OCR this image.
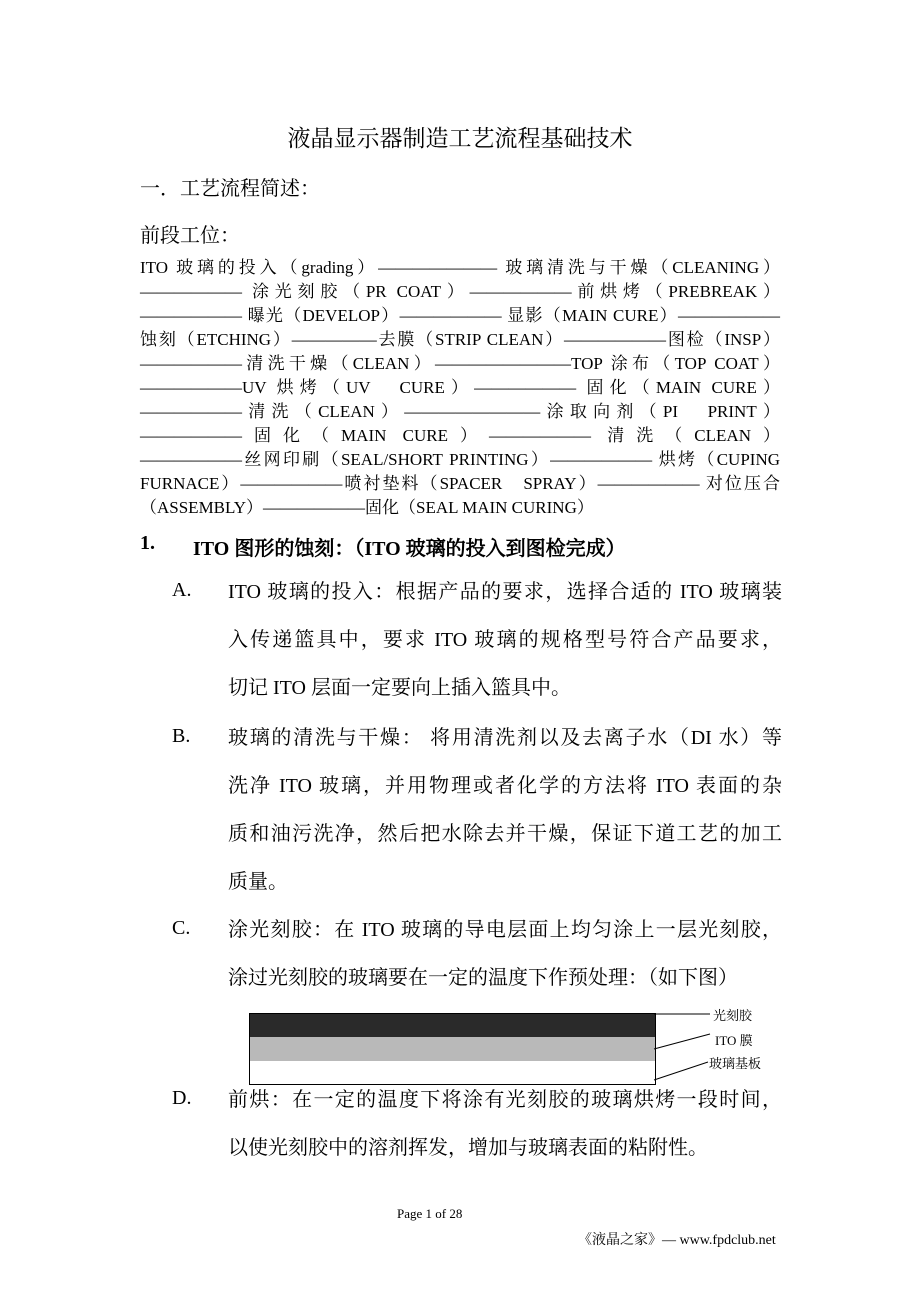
液晶显示器制造工艺流程基础技术
一．工艺流程简述：
前段工位：
ITO 玻璃的投入（grading）——————— 玻璃清洗与干燥（CLEANING）
—————— 涂光刻胶（PR COAT）——————前烘烤（PREBREAK）
—————— 曝光（DEVELOP）—————— 显影（MAIN CURE）——————
蚀刻（ETCHING）—————去膜（STRIP CLEAN）——————图检（INSP）
——————清洗干燥（CLEAN）————————TOP 涂布（TOP COAT）
——————UV 烘烤（UV　CURE）—————— 固化（MAIN CURE）
——————清洗（CLEAN）————————涂取向剂（PI　PRINT）
——————固化（MAIN CURE）—————— 清洗（CLEAN）
——————丝网印刷（SEAL/SHORT PRINTING）—————— 烘烤（CUPING
FURNACE）——————喷衬垫料（SPACER　SPRAY）—————— 对位压合
（ASSEMBLY）——————固化（SEAL MAIN CURING）
1. ITO 图形的蚀刻：（ITO 玻璃的投入到图检完成）
A. ITO 玻璃的投入：根据产品的要求，选择合适的 ITO 玻璃装
入传递篮具中，要求 ITO 玻璃的规格型号符合产品要求，
切记 ITO 层面一定要向上插入篮具中。
B. 玻璃的清洗与干燥： 将用清洗剂以及去离子水（DI 水）等
洗净 ITO 玻璃，并用物理或者化学的方法将 ITO 表面的杂
质和油污洗净，然后把水除去并干燥，保证下道工艺的加工
质量。
C. 涂光刻胶：在 ITO 玻璃的导电层面上均匀涂上一层光刻胶，
涂过光刻胶的玻璃要在一定的温度下作预处理：（如下图）
光刻胶
ITO 膜
玻璃基板
D. 前烘：在一定的温度下将涂有光刻胶的玻璃烘烤一段时间，
以使光刻胶中的溶剂挥发，增加与玻璃表面的粘附性。
Page 1 of 28
《液晶之家》— www.fpdclub.net
